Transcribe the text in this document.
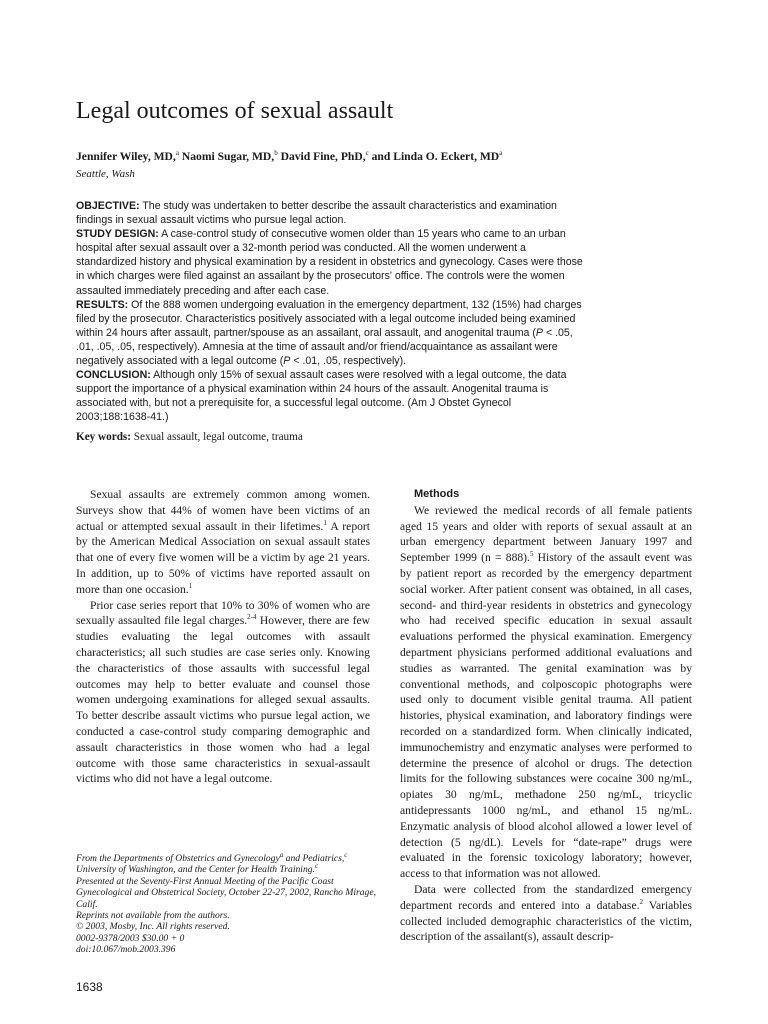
Legal outcomes of sexual assault

Jennifer Wiley, MD,$^a$ Naomi Sugar, MD,$^b$ David Fine, PhD,$^c$ and Linda O. Eckert, $MD^a$

Seattle, Wash

OBJECTIVE: The study was undertaken to better describe the assault characteristics and examination findings in sexual assault victims who pursue legal action.

STUDY DESIGN: A case-control study of consecutive women older than 15 years who came to an urban hospital after sexual assault over a 32-month period was conducted. All the women underwent a standardized history and physical examination by a resident in obstetrics and gynecology. Cases were those in which charges were filed against an assailant by the prosecutors' office. The controls were the women assaulted immediately preceding and after each case.

RESULTS: Of the 888 women undergoing evaluation in the emergency department, 132 (15%) had charges filed by the prosecutor. Characteristics positively associated with a legal outcome included being examined within 24 hours after assault, partner/spouse as an assailant, oral assault, and anogenital trauma (P < .05, .01, .05, .05, respectively). Amnesia at the time of assault and/or friend/acquaintance as assailant were negatively associated with a legal outcome (P < .01, .05, respectively).

CONCLUSION: Although only 15% of sexual assault cases were resolved with a legal outcome, the data support the importance of a physical examination within 24 hours of the assault. Anogenital trauma is associated with, but not a prerequisite for, a successful legal outcome. (Am J Obstet Gynecol 2003;188:1638-41.)

Key words: Sexual assault, legal outcome, trauma

Sexual assaults are extremely common among women. Surveys show that 44% of women have been victims of an actual or attempted sexual assault in their lifetimes.$^1$ A report by the American Medical Association on sexual assault states that one of every five women will be a victim by age 21 years. In addition, up to 50% of victims have reported assault on more than one occasion.$^1$

Prior case series report that 10% to 30% of women who are sexually assaulted file legal charges.$^{2-4}$ However, there are few studies evaluating the legal outcomes with assault characteristics; all such studies are case series only. Knowing the characteristics of those assaults with successful legal outcomes may help to better evaluate and counsel those women undergoing examinations for alleged sexual assaults. To better describe assault victims who pursue legal action, we conducted a case-control study comparing demographic and assault characteristics in those women who had a legal outcome with those same characteristics in sexual-assault victims who did not have a legal outcome.

Methods

We reviewed the medical records of all female patients aged 15 years and older with reports of sexual assault at an urban emergency department between January 1997 and September 1999 (n = 888).$^5$ History of the assault event was by patient report as recorded by the emergency department social worker. After patient consent was obtained, in all cases, second- and third-year residents in obstetrics and gynecology who had received specific education in sexual assault evaluations performed the physical examination. Emergency department physicians performed additional evaluations and studies as warranted. The genital examination was by conventional methods, and colposcopic photographs were used only to document visible genital trauma. All patient histories, physical examination, and laboratory findings were recorded on a standardized form. When clinically indicated, immunochemistry and enzymatic analyses were performed to determine the presence of alcohol or drugs. The detection limits for the following substances were cocaine 300 ng/mL, opiates 30 ng/mL, methadone 250 ng/mL, tricyclic antidepressants 1000 ng/mL, and ethanol 15 ng/mL. Enzymatic analysis of blood alcohol allowed a lower level of detection (5 ng/dL). Levels for “date-rape” drugs were evaluated in the forensic toxicology laboratory; however, access to that information was not allowed.

Data were collected from the standardized emergency department records and entered into a database.$^2$ Variables collected included demographic characteristics of the victim, description of the assailant(s), assault descrip-

From the Departments of Obstetrics and Gynecology$^a$ and Pediatrics,$^c$ University of Washington, and the Center for Health Training.$^c$

Presented at the Seventy-First Annual Meeting of the Pacific Coast Gynecological and Obstetrical Society, October 22-27, 2002, Rancho Mirage, Calif.

Reprints not available from the authors.

© 2003, Mosby, Inc. All rights reserved.

0002-9378/2003 $30.00 + 0

doi:10.067/mob.2003.396

1638
